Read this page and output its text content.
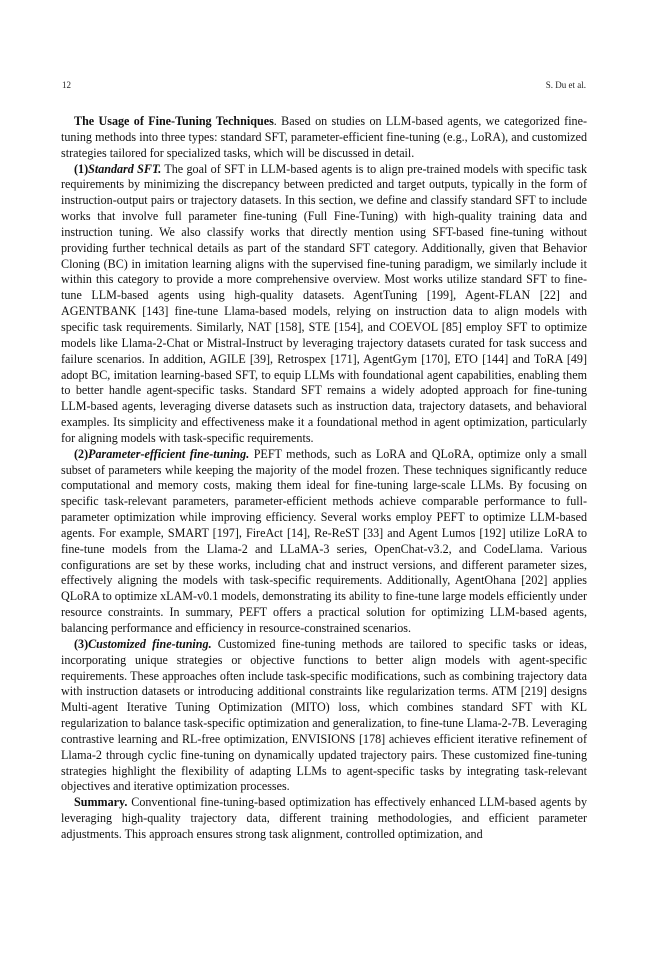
12	S. Du et al.

The Usage of Fine-Tuning Techniques. Based on studies on LLM-based agents, we categorized fine-tuning methods into three types: standard SFT, parameter-efficient fine-tuning (e.g., LoRA), and customized strategies tailored for specialized tasks, which will be discussed in detail.

(1)Standard SFT. The goal of SFT in LLM-based agents is to align pre-trained models with specific task requirements by minimizing the discrepancy between predicted and target outputs, typically in the form of instruction-output pairs or trajectory datasets. In this section, we define and classify standard SFT to include works that involve full parameter fine-tuning (Full Fine-Tuning) with high-quality training data and instruction tuning. We also classify works that directly mention using SFT-based fine-tuning without providing further technical details as part of the standard SFT category. Additionally, given that Behavior Cloning (BC) in imitation learning aligns with the supervised fine-tuning paradigm, we similarly include it within this category to provide a more comprehensive overview. Most works utilize standard SFT to fine-tune LLM-based agents using high-quality datasets. AgentTuning [199], Agent-FLAN [22] and AGENTBANK [143] fine-tune Llama-based models, relying on instruction data to align models with specific task requirements. Similarly, NAT [158], STE [154], and COEVOL [85] employ SFT to optimize models like Llama-2-Chat or Mistral-Instruct by leveraging trajectory datasets curated for task success and failure scenarios. In addition, AGILE [39], Retrospex [171], AgentGym [170], ETO [144] and ToRA [49] adopt BC, imitation learning-based SFT, to equip LLMs with foundational agent capabilities, enabling them to better handle agent-specific tasks. Standard SFT remains a widely adopted approach for fine-tuning LLM-based agents, leveraging diverse datasets such as instruction data, trajectory datasets, and behavioral examples. Its simplicity and effectiveness make it a foundational method in agent optimization, particularly for aligning models with task-specific requirements.

(2)Parameter-efficient fine-tuning. PEFT methods, such as LoRA and QLoRA, optimize only a small subset of parameters while keeping the majority of the model frozen. These techniques significantly reduce computational and memory costs, making them ideal for fine-tuning large-scale LLMs. By focusing on specific task-relevant parameters, parameter-efficient methods achieve comparable performance to full-parameter optimization while improving efficiency. Several works employ PEFT to optimize LLM-based agents. For example, SMART [197], FireAct [14], Re-ReST [33] and Agent Lumos [192] utilize LoRA to fine-tune models from the Llama-2 and LLaMA-3 series, OpenChat-v3.2, and CodeLlama. Various configurations are set by these works, including chat and instruct versions, and different parameter sizes, effectively aligning the models with task-specific requirements. Additionally, AgentOhana [202] applies QLoRA to optimize xLAM-v0.1 models, demonstrating its ability to fine-tune large models efficiently under resource constraints. In summary, PEFT offers a practical solution for optimizing LLM-based agents, balancing performance and efficiency in resource-constrained scenarios.

(3)Customized fine-tuning. Customized fine-tuning methods are tailored to specific tasks or ideas, incorporating unique strategies or objective functions to better align models with agent-specific requirements. These approaches often include task-specific modifications, such as combining trajectory data with instruction datasets or introducing additional constraints like regularization terms. ATM [219] designs Multi-agent Iterative Tuning Optimization (MITO) loss, which combines standard SFT with KL regularization to balance task-specific optimization and generalization, to fine-tune Llama-2-7B. Leveraging contrastive learning and RL-free optimization, ENVISIONS [178] achieves efficient iterative refinement of Llama-2 through cyclic fine-tuning on dynamically updated trajectory pairs. These customized fine-tuning strategies highlight the flexibility of adapting LLMs to agent-specific tasks by integrating task-relevant objectives and iterative optimization processes.

Summary. Conventional fine-tuning-based optimization has effectively enhanced LLM-based agents by leveraging high-quality trajectory data, different training methodologies, and efficient parameter adjustments. This approach ensures strong task alignment, controlled optimization, and
